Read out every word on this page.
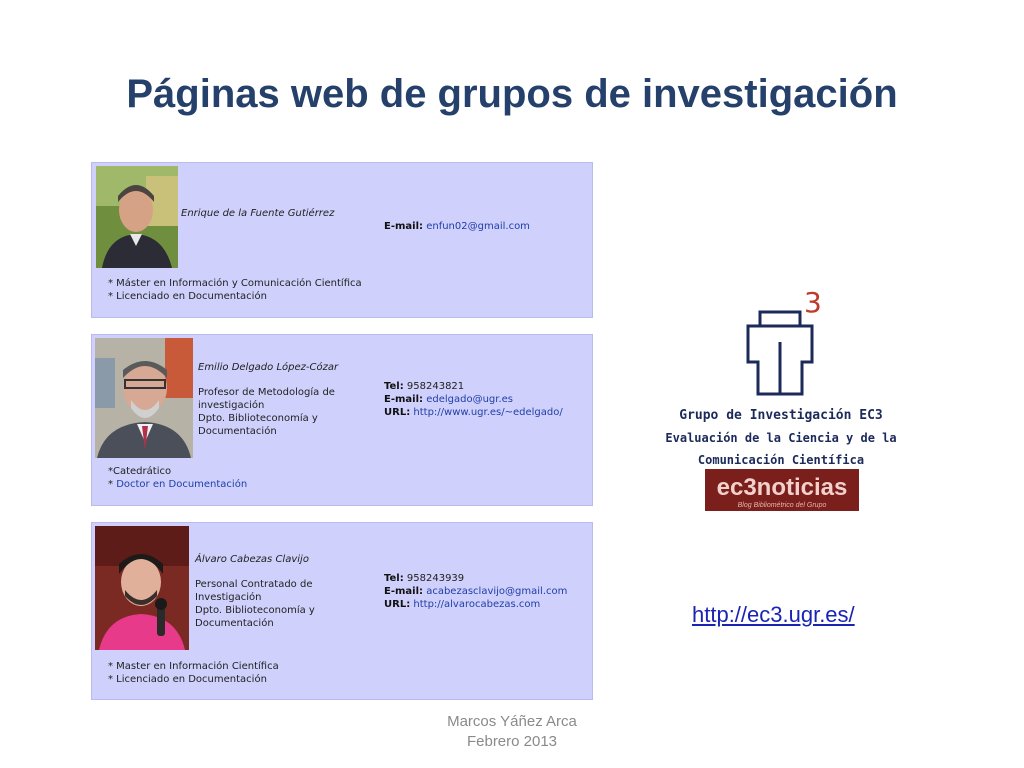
Páginas web de grupos de investigación
Enrique de la Fuente Gutiérrez
E-mail: enfun02@gmail.com
* Máster en Información y Comunicación Científica
* Licenciado en Documentación
Emilio Delgado López-Cózar
Profesor de Metodología de
investigación
Dpto. Biblioteconomía y
Documentación
Tel: 958243821
E-mail: edelgado@ugr.es
URL: http://www.ugr.es/~edelgado/
*Catedrático
* Doctor en Documentación
Álvaro Cabezas Clavijo
Personal Contratado de
Investigación
Dpto. Biblioteconomía y
Documentación
Tel: 958243939
E-mail: acabezasclavijo@gmail.com
URL: http://alvarocabezas.com
* Master en Información Científica
* Licenciado en Documentación
3
Grupo de Investigación EC3
Evaluación de la Ciencia y de la
Comunicación Científica
ec3noticias
Blog Bibliométrico del Grupo
http://ec3.ugr.es/
Marcos Yáñez Arca
Febrero 2013
